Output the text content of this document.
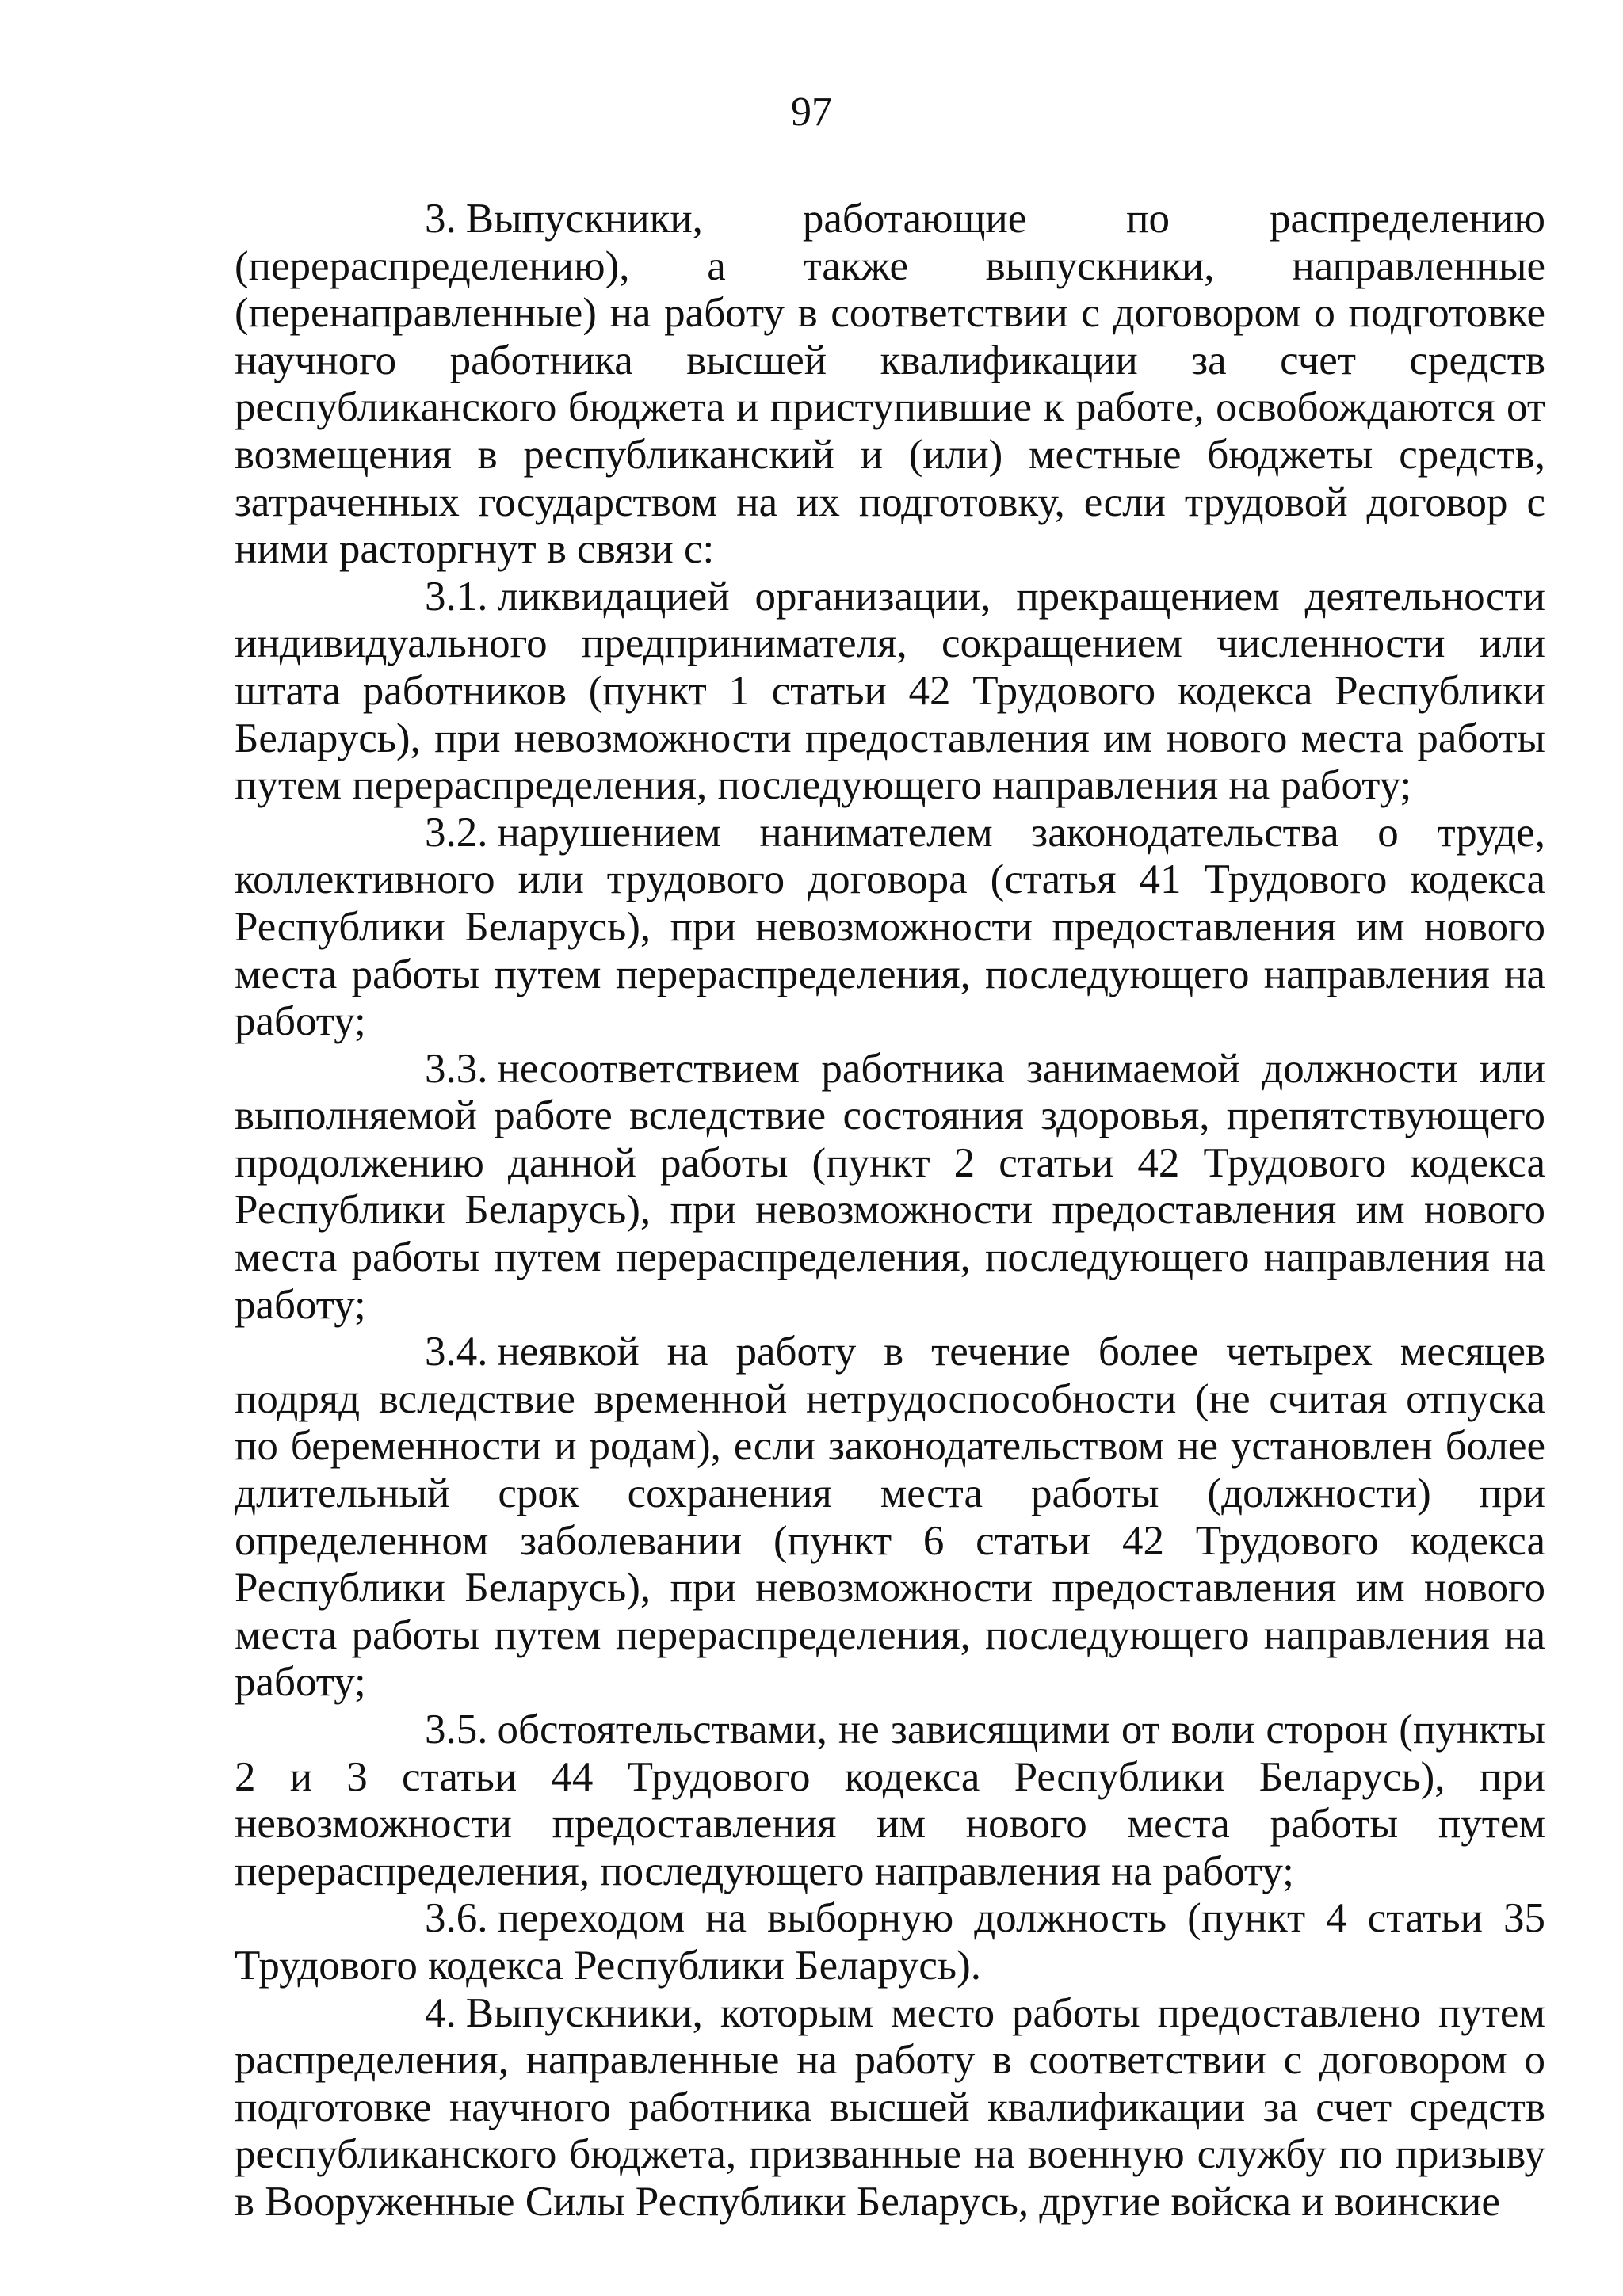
97

3. Выпускники, работающие по распределению (перераспределению), а также выпускники, направленные (перенаправленные) на работу в соответствии с договором о подготовке научного работника высшей квалификации за счет средств республиканского бюджета и приступившие к работе, освобождаются от возмещения в республиканский и (или) местные бюджеты средств, затраченных государством на их подготовку, если трудовой договор с ними расторгнут в связи с:

3.1. ликвидацией организации, прекращением деятельности индивидуального предпринимателя, сокращением численности или штата работников (пункт 1 статьи 42 Трудового кодекса Республики Беларусь), при невозможности предоставления им нового места работы путем перераспределения, последующего направления на работу;

3.2. нарушением нанимателем законодательства о труде, коллективного или трудового договора (статья 41 Трудового кодекса Республики Беларусь), при невозможности предоставления им нового места работы путем перераспределения, последующего направления на работу;

3.3. несоответствием работника занимаемой должности или выполняемой работе вследствие состояния здоровья, препятствующего продолжению данной работы (пункт 2 статьи 42 Трудового кодекса Республики Беларусь), при невозможности предоставления им нового места работы путем перераспределения, последующего направления на работу;

3.4. неявкой на работу в течение более четырех месяцев подряд вследствие временной нетрудоспособности (не считая отпуска по беременности и родам), если законодательством не установлен более длительный срок сохранения места работы (должности) при определенном заболевании (пункт 6 статьи 42 Трудового кодекса Республики Беларусь), при невозможности предоставления им нового места работы путем перераспределения, последующего направления на работу;

3.5. обстоятельствами, не зависящими от воли сторон (пункты 2 и 3 статьи 44 Трудового кодекса Республики Беларусь), при невозможности предоставления им нового места работы путем перераспределения, последующего направления на работу;

3.6. переходом на выборную должность (пункт 4 статьи 35 Трудового кодекса Республики Беларусь).

4. Выпускники, которым место работы предоставлено путем распределения, направленные на работу в соответствии с договором о подготовке научного работника высшей квалификации за счет средств республиканского бюджета, призванные на военную службу по призыву в Вооруженные Силы Республики Беларусь, другие войска и воинские
